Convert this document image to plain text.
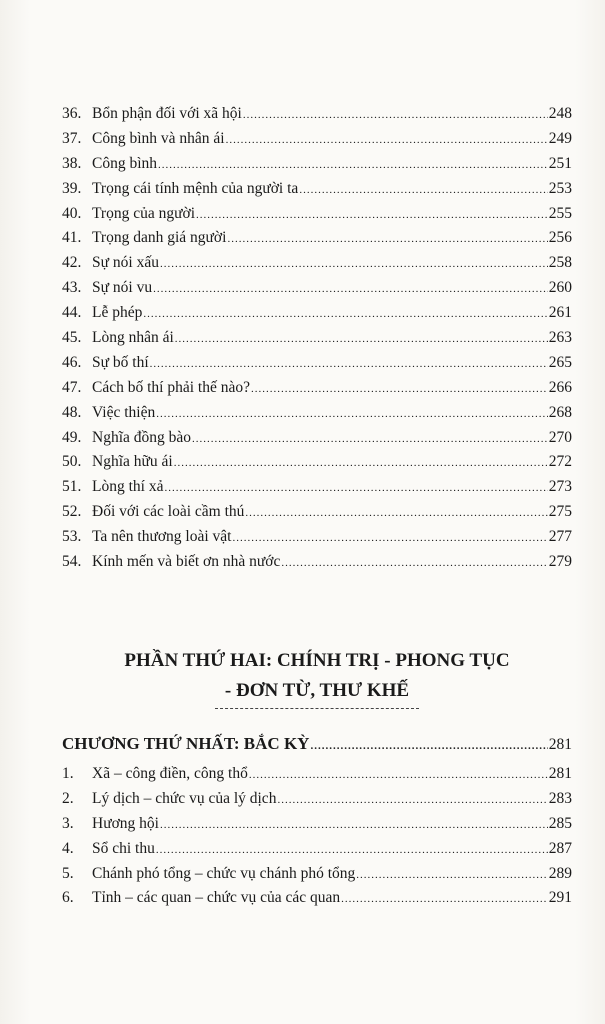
36. Bổn phận đối với xã hội .....	248
37. Công bình và nhân ái .....	249
38. Công bình .....	251
39. Trọng cái tính mệnh của người ta .....	253
40. Trọng của người .....	255
41. Trọng danh giá người .....	256
42. Sự nói xấu .....	258
43. Sự nói vu .....	260
44. Lễ phép .....	261
45. Lòng nhân ái .....	263
46. Sự bố thí .....	265
47. Cách bố thí phải thế nào? .....	266
48. Việc thiện .....	268
49. Nghĩa đồng bào .....	270
50. Nghĩa hữu ái .....	272
51. Lòng thí xả .....	273
52. Đối với các loài cầm thú .....	275
53. Ta nên thương loài vật .....	277
54. Kính mến và biết ơn nhà nước .....	279
PHẦN THỨ HAI: CHÍNH TRỊ - PHONG TỤC
- ĐƠN TỪ, THƯ KHẾ
CHƯƠNG THỨ NHẤT: BẮC KỲ .....	281
1.	Xã – công điền, công thổ .....	281
2.	Lý dịch – chức vụ của lý dịch .....	283
3.	Hương hội .....	285
4.	Sổ chi thu .....	287
5.	Chánh phó tổng – chức vụ chánh phó tổng .....	289
6.	Tỉnh – các quan – chức vụ của các quan .....	291
